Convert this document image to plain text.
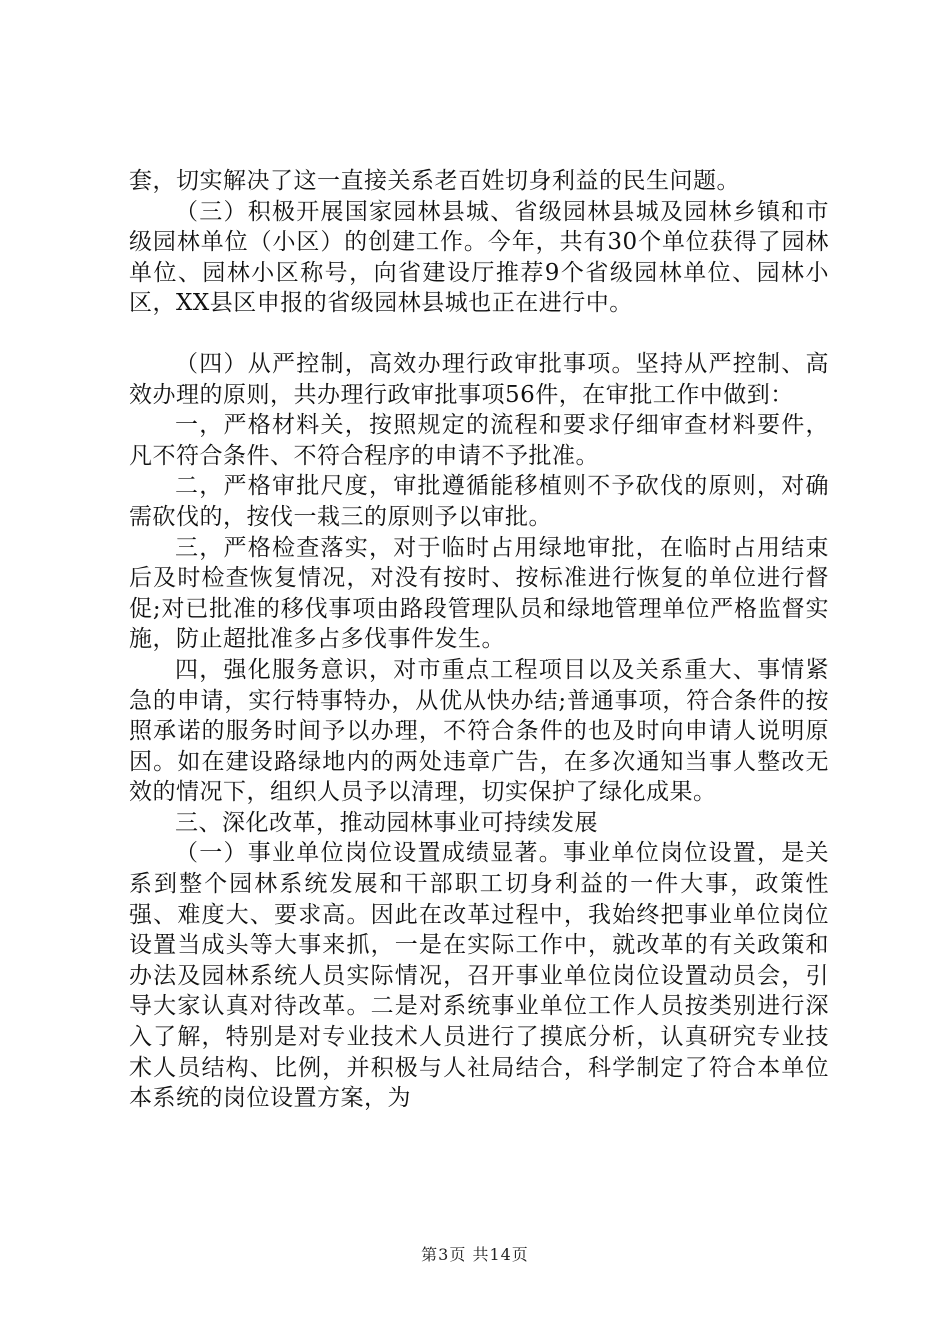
套，切实解决了这一直接关系老百姓切身利益的民生问题。

（三）积极开展国家园林县城、省级园林县城及园林乡镇和市级园林单位（小区）的创建工作。今年，共有30个单位获得了园林单位、园林小区称号，向省建设厅推荐9个省级园林单位、园林小区，XX县区申报的省级园林县城也正在进行中。

（四）从严控制，高效办理行政审批事项。坚持从严控制、高效办理的原则，共办理行政审批事项56件，在审批工作中做到：

一，严格材料关，按照规定的流程和要求仔细审查材料要件，凡不符合条件、不符合程序的申请不予批准。

二，严格审批尺度，审批遵循能移植则不予砍伐的原则，对确需砍伐的，按伐一栽三的原则予以审批。

三，严格检查落实，对于临时占用绿地审批，在临时占用结束后及时检查恢复情况，对没有按时、按标准进行恢复的单位进行督促;对已批准的移伐事项由路段管理队员和绿地管理单位严格监督实施，防止超批准多占多伐事件发生。

四，强化服务意识，对市重点工程项目以及关系重大、事情紧急的申请，实行特事特办，从优从快办结;普通事项，符合条件的按照承诺的服务时间予以办理，不符合条件的也及时向申请人说明原因。如在建设路绿地内的两处违章广告，在多次通知当事人整改无效的情况下，组织人员予以清理，切实保护了绿化成果。

三、深化改革，推动园林事业可持续发展

（一）事业单位岗位设置成绩显著。事业单位岗位设置，是关系到整个园林系统发展和干部职工切身利益的一件大事，政策性强、难度大、要求高。因此在改革过程中，我始终把事业单位岗位设置当成头等大事来抓，一是在实际工作中，就改革的有关政策和办法及园林系统人员实际情况，召开事业单位岗位设置动员会，引导大家认真对待改革。二是对系统事业单位工作人员按类别进行深入了解，特别是对专业技术人员进行了摸底分析，认真研究专业技术人员结构、比例，并积极与人社局结合，科学制定了符合本单位本系统的岗位设置方案，为

第3页 共14页
